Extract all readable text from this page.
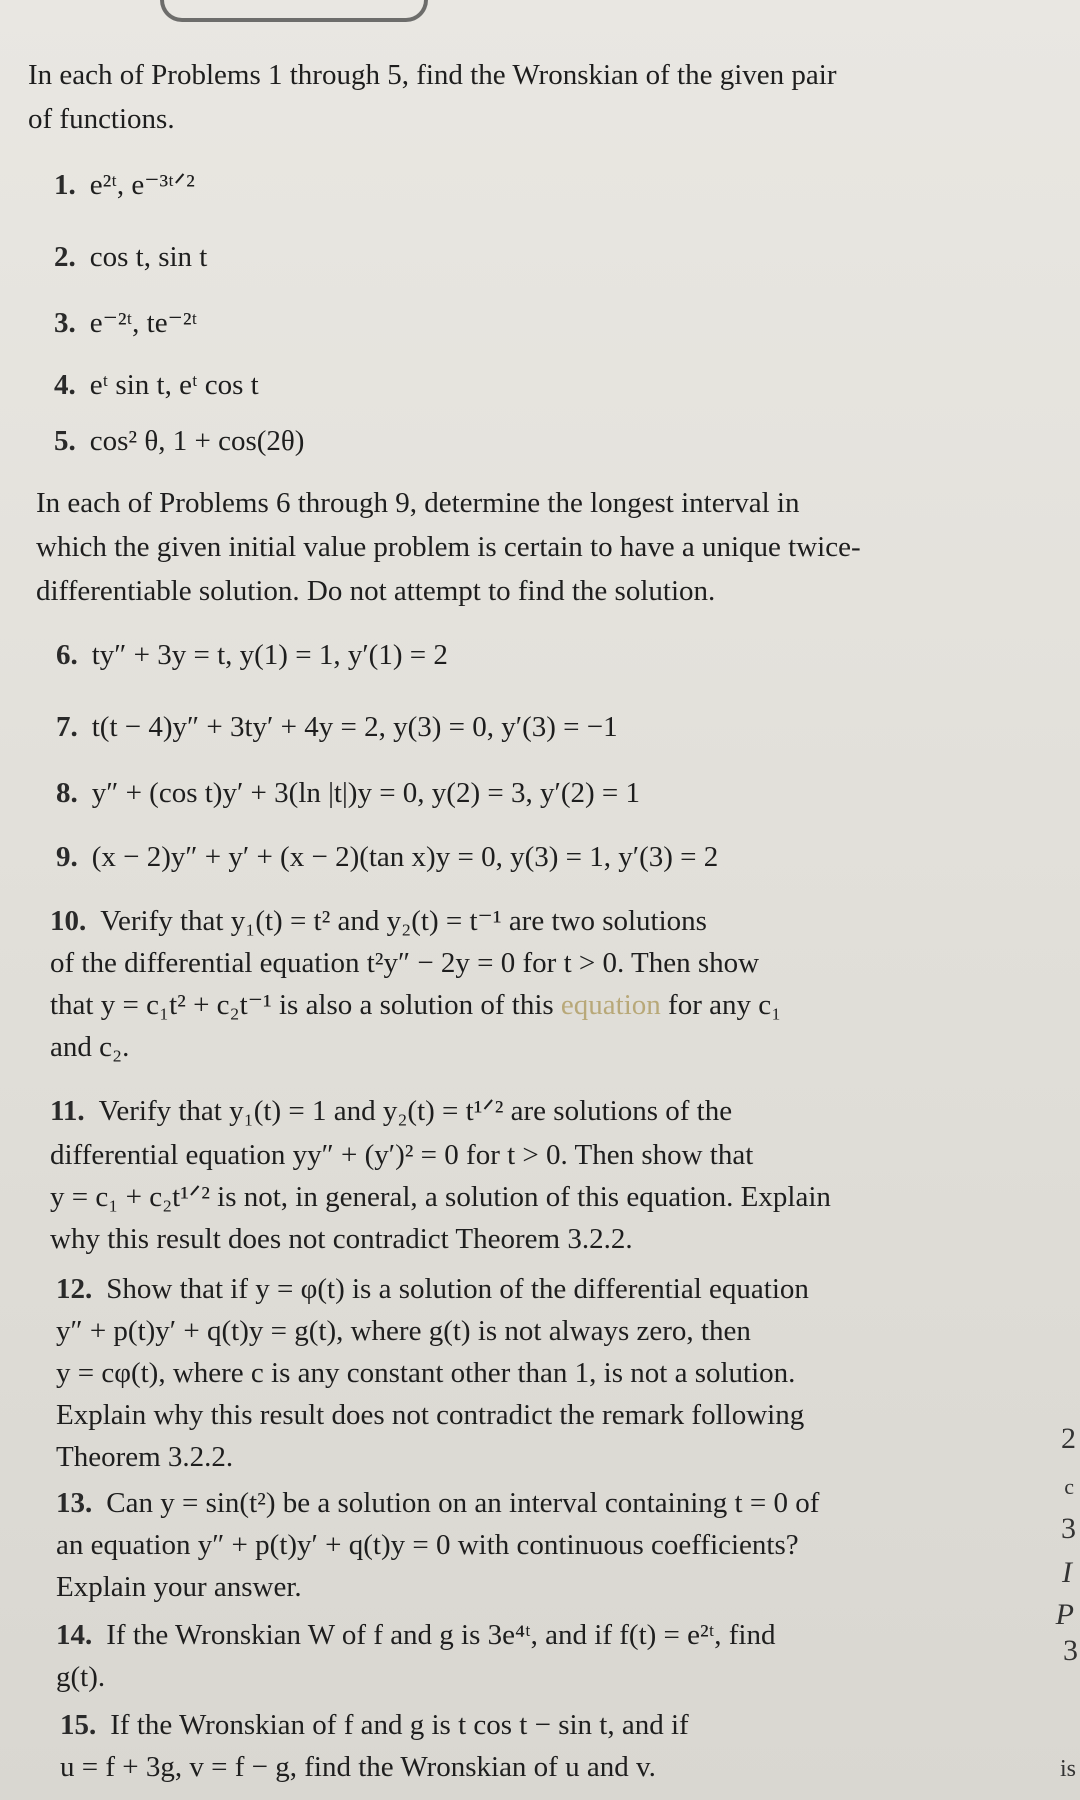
In each of Problems 1 through 5, find the Wronskian of the given pair
of functions.
1. e²ᵗ, e⁻³ᵗᐟ²
2. cos t, sin t
3. e⁻²ᵗ, te⁻²ᵗ
4. eᵗ sin t, eᵗ cos t
5. cos² θ, 1 + cos(2θ)
In each of Problems 6 through 9, determine the longest interval in
which the given initial value problem is certain to have a unique twice-
differentiable solution. Do not attempt to find the solution.
6. ty″ + 3y = t, y(1) = 1, y′(1) = 2
7. t(t − 4)y″ + 3ty′ + 4y = 2, y(3) = 0, y′(3) = −1
8. y″ + (cos t)y′ + 3(ln |t|)y = 0, y(2) = 3, y′(2) = 1
9. (x − 2)y″ + y′ + (x − 2)(tan x)y = 0, y(3) = 1, y′(3) = 2
10. Verify that y₁(t) = t² and y₂(t) = t⁻¹ are two solutions
of the differential equation t²y″ − 2y = 0 for t > 0. Then show
that y = c₁t² + c₂t⁻¹ is also a solution of this equation for any c₁
and c₂.
11. Verify that y₁(t) = 1 and y₂(t) = t¹ᐟ² are solutions of the
differential equation yy″ + (y′)² = 0 for t > 0. Then show that
y = c₁ + c₂t¹ᐟ² is not, in general, a solution of this equation. Explain
why this result does not contradict Theorem 3.2.2.
12. Show that if y = φ(t) is a solution of the differential equation
y″ + p(t)y′ + q(t)y = g(t), where g(t) is not always zero, then
y = cφ(t), where c is any constant other than 1, is not a solution.
Explain why this result does not contradict the remark following
Theorem 3.2.2.
13. Can y = sin(t²) be a solution on an interval containing t = 0 of
an equation y″ + p(t)y′ + q(t)y = 0 with continuous coefficients?
Explain your answer.
14. If the Wronskian W of f and g is 3e⁴ᵗ, and if f(t) = e²ᵗ, find
g(t).
15. If the Wronskian of f and g is t cos t − sin t, and if
u = f + 3g, v = f − g, find the Wronskian of u and v.
2
c
3
I
P
3
is
